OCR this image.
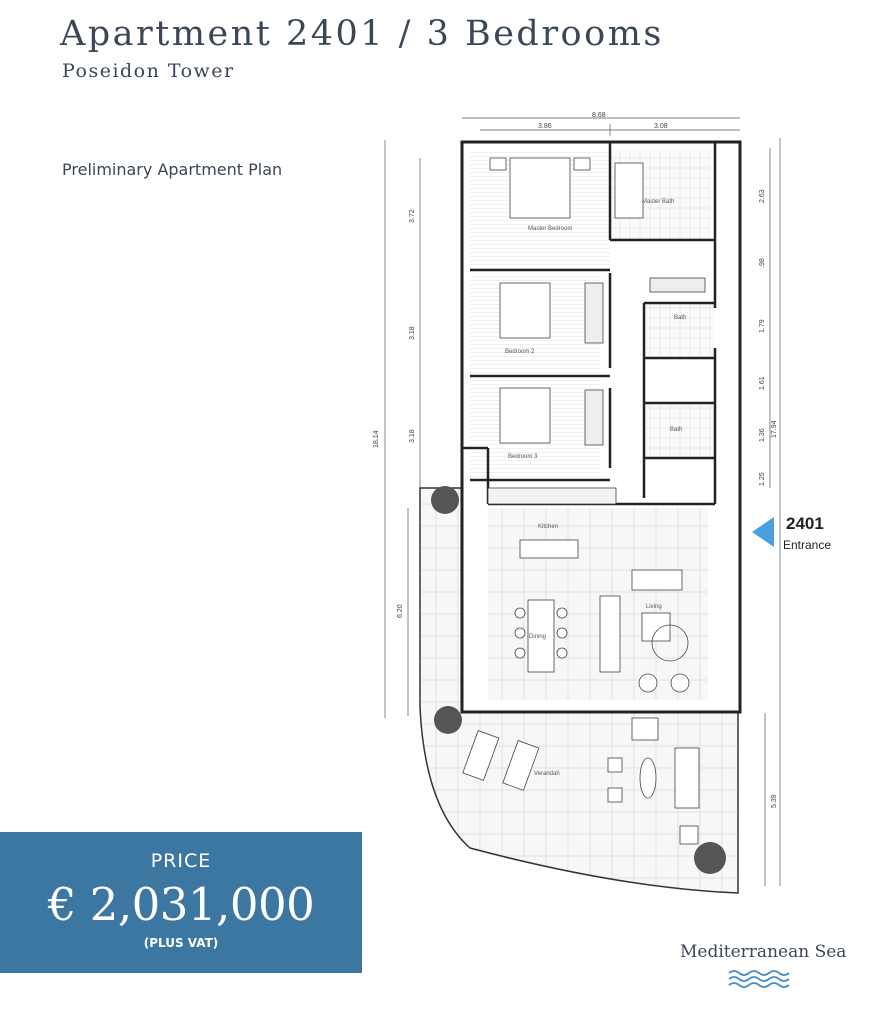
Apartment 2401 / 3 Bedrooms

Poseidon Tower

Preliminary Apartment Plan
8.68
3.86	3.08
18.14
3.72
3.18
3.18
6.20
2.63
.98
1.79
1.61
1.36
1.25
17.94
5.39
Master Bedroom
Master Bath
Bedroom 2
Bedroom 3
Bath
Bath
Kitchen
Dining
Living
Verandah
2401
Entrance
PRICE
€ 2,031,000
(PLUS VAT)	Mediterranean Sea
